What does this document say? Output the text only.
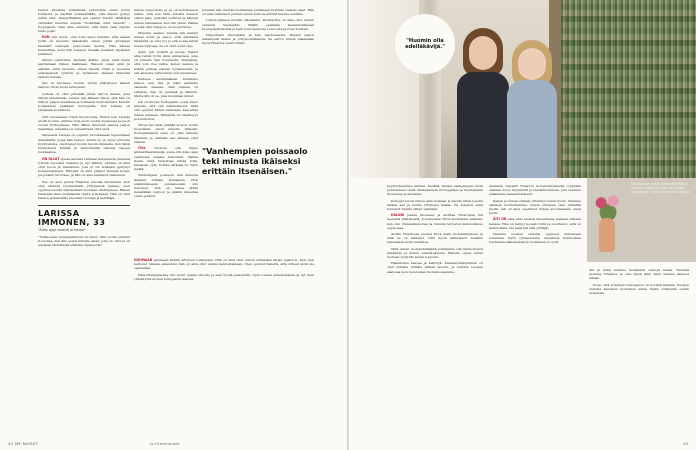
lunnut kavattaa työntäntää pelottomia oman polun kulkijoita ja näyttää esimerkillään, että naisen pystyy mihin vain. Naisyrittäjänä sen saanut fundin vähätelyä varsinkin miesten suusta "hoikkihan niitä tekevät" -tyyppisesti. Olen aina sanonut, että minä vielä näytän teille pojat.

KUN olin nuori, oma itöni ansoi minulle, että naisen työtä on monesti näkeäsitin oman piiriin kuvataan kauniisti vahvojen persoonien kautta. Hän haluaa muistuttaa, ettei hän kokenut itseään koskaan ylipäiden paksuksi.

Siltoin toimittava. Vastasin äidille, etten valtä itseni asuttamaan hänen mallinaan. Halusin oman aran ja elämän, enkä tarvinne olleen miestä. Olsin jo nuorena ensisijaisesti työhöni ja Sydämeni mieleni täyteellä tahtoni kasvaa.

Äiti on kuolleen vuosia, mutta yllätykseni kaiken tahtoni olivat tuota kertojaani.

Larissa on ollut pimeäää piiten astron naisen, joka tähyili maailmalle. Laulen sen jälkeen ulkoa, että hän on mikoyt paljon maailmaa ja rohkeasti tuuli eliönäsi. Muutin pohjaisesta paikkaan Portugaliin, kun Larissa oli yhdeksän kuukautta.

Olin ainoastaan töissä muotiovella. Ennen kun Larissa aloitti koulun, elimme noin puoli vuotta Suomessa ja puoli vuotta Portugalissa. Hän liikkui ihmisten kanssa paljon maailmaa, maailma on sukeisiltaan ollut syvä.

Aikuisena Larissa on oppinut arvostamaan lapsuuttaan ilmanäsillä, jossa hän kasvoi, mutta se on myös piiloissa hyvinteholla. Osoittanut monin tavoin ihmiselle, kun tämä tunnistanut äitinsä ja viimemmiltä vähensi rajojen luokkaansa.

ON OLLUT upeaa seurata Larissan kasvamista pienestä tytöstä nuoreksi naiseksi ja nyt äidiksi. Larissa on aina ollut luova ja itsenäinen, jota ei ole koskaan pystynyt komentelemaan. Häneltä on aina pitänyt yleensä kysyä, jos jotakin tarvitsee, ja hän on aina kantanut vastuunsa.

Ilse on ensi puolta Finarton ainoilla mitoistaan. Kun olen alkanut työskennellä yrityksensä kanssa, olen oppinut nuoren näkökulman tuomaan tietämyksen. Hänen kanssaan ihan uudenlaista otetta yritykseen. Hän on ollut taitava ja kekseliäs ideoiden tuottaja ja kehittäjä.

LARISSA IMMONEN, 33
"Äidin oppi kolahti ja kovaa"

"Tiukkoseen työympäristöön en tullut. Olin suurin piirtein 6-vuotias, kun äiti opetti minulle asian, joka on ollut ja on edelleen tärkeimpiä elämäni ohjenuoria."

minua työpuolelle ja se oli kohdistanut siihen, että kun tulin lomalta kolmen viikon ajan, ystäväni soittivat ja kävivät minua tukemassa, kun olin yksin. Vaikka ei aina ollut helppoa, en luovuttanut.

Muistan elellen, kuinka äiti kaintyi minua kohti ja sanoi, että elämässä tärkeintä on oma työ ja sitä ei saa tehdä toisen varjossa. Se on ollut suuri ohje.

Äidin opit kolahti ja kovaa. Halusi aina tehdä työtä siinä ammatissa, joka oli minulle niin luontaista. Ymmärsin, että voin itse valita, kenen kanssa ja minkä parissa haluan työskennellä, ja sen ansiosta vahvuuteni ovat kasvaneet.

Perheen ensimmäinen kertaluku kasvoi, kun itse ja isäni asuimme samassa maassa. Isän kanssa oli erilaista, hän oli pehmeä ja lämmin. Mutta äiti oli se, joka muokkasi minut.

Isä oli Kiotan Portugaliin, jossa sanoi minulle, että olin mahdollisuus. Mitä olin oppinut hänen kanssaan, kasvattaa minua edelleen. Tärkeintä oli rehellisyys ja kunnioitus.

Äiti ja isä olivat pitkään erossa, mutta molemmat olivat minulle tärkeitä. Portugalilainen suku on ollut minulle läheinen ja elämäni sen kanssa ollut rikasta.

Cilia	Tuolloin olin kilpa-ammattilaistanssija, jossa olin koko ajan vastuussa omasta kehostani. Vaikka tiesin, mitä tarkoittaa tehdä töitä, tanssissa opin, kuinka tärkeää on myös levätä.

Vanhempien poissaolo teki minusta ikäiseni erittäin itsenäisen. Heti ensimmäisessä opiskelussani olin tietoinen, että en halua jäädä kenenkään varjoon ja päätin rakentaa oman polkuni.

Jotenkin äiti onnistui hoitamaan pullikseen hyvinkin vaikeat asiat. Hän on aina ratkaissut pulmat ennen kuin ne ehtivät kasvaa suuriksi.

Lukion jälkeen muutin ulkomaille. Perheyritys oli aina ollut minun vahvasti mielessäni. Päätin opiskella kansainvälisessä kouluympäristössä ja hain työkokemusta Lontoosta ja New Yorkista.

Harjoittelin muotialalla ja tein valokuvausta. Hankin paljon näkemystä alasta ja yritystoiminnasta. Se auttoi minua näkemään myös Finartoa uusin silmin.

"Vanhempien poissaolo teki minusta ikäiseksi erittäin itsenäisen."

HUOMAAN perineeni äidiltä erityisen rohkeuden. Hän on aina ollut minun silmissäni täysin pelkoton. Kun olen kertonut hänelle aikeistani, hän on aina ollut valmis kannustamaan. Olen oppinut häneltä, että virheet eivät ole vaarallisia.

Harjoittelujaksoilla olin avoin uusille ideoille ja sain hyvää palautetta. Opin toisten kokemuksista ja nyt teen yhteistyötä monen kumppanin kanssa.

42 ME NAISET	is.fi/menaiset
"Huomin olla edelläkävijä."
"Larissa on aina pienenä pitänyt naisten mainen, joka tarvitsee maailmaa", Kaija Saarinen toteaa.

heystyöhenmme tarinan. Kevällä, haluaa vanhempani olivat perustaneet oman matkaaloman Portugalissa ja myöhemmin Suomessa ja kasvatan.

Kolleget toivat minua aina mukaan ja kerran minä lopetin kaiken sen ja menin yrityksen taakse. En kokenut enkä tuntenut itseäni siihen valmiiksi.

HALUNI palata Suomeen ja aloittaa Finartossa tuli menestä yllätyksenä. Joulukuussa 2014 muutimme takaisin, kun olin yhdeksänvuotias ja minulle tarjoutui mahdollisuus oppia alaa.

Aloitin Finartossa vuonna 2014 ensin tuotekehityksen, ja siitä se on lähtenyt. Olin hyvin aktiivisesti mukana tekemässä uutta mallistoa.

Mitä ennen tuotekehittäjänä toimimista olin kiinnostunut kankaista ja niiden valmistuksesta. Halusin oppia, miten tuotteet syntyvät alusta loppuun.

Halusimme kasvaa ja kehittyä. Kansainvälistyminen on ollut minulle erittäin tärkeä tavoite, ja teimme vuosien saatossa ison muutoksen tuotannossamme.

Aiemmin vastasin Finarton tuotekehityksestä. Nykyään vastaan myös myynnistä ja markkinoinnista, jota teemme pääasiassa kansainvälisesti.

Kaijan ja minun välinen yhteistyö toimii hyvin. Olemme erilaiset luonteiltamme, mutta yhteinen visio yhdistää meitä. Äiti on aina opettanut minua arvostamaan omaa työtä.

ÄITI ON aina ollut meissä tapauksissa mieleen taivaan kanssa. Hän on tehnyt kovasti töitä ja osoittanut, että on mahdollista olla sekä äiti että yrittäjä.

Olemme vuosien varrella oppineet tuntemaan toisemme myös työkavereina. Osaamme kunnioittaa toistemme näkemyksiä ja luottamus on syvä.

Äiti ja minä olemme molemmat vahvoja naisia. Yhdessä teemme Finartoa, ja olen ylpeä siitä, mitä olemme saaneet aikaan.

Koen, että yrityksen tulevaisuus on hyvissä käsissä. Vuosien varrella kasvanut luottamus antaa meille rohkeutta uusiin avauksiin.

43
